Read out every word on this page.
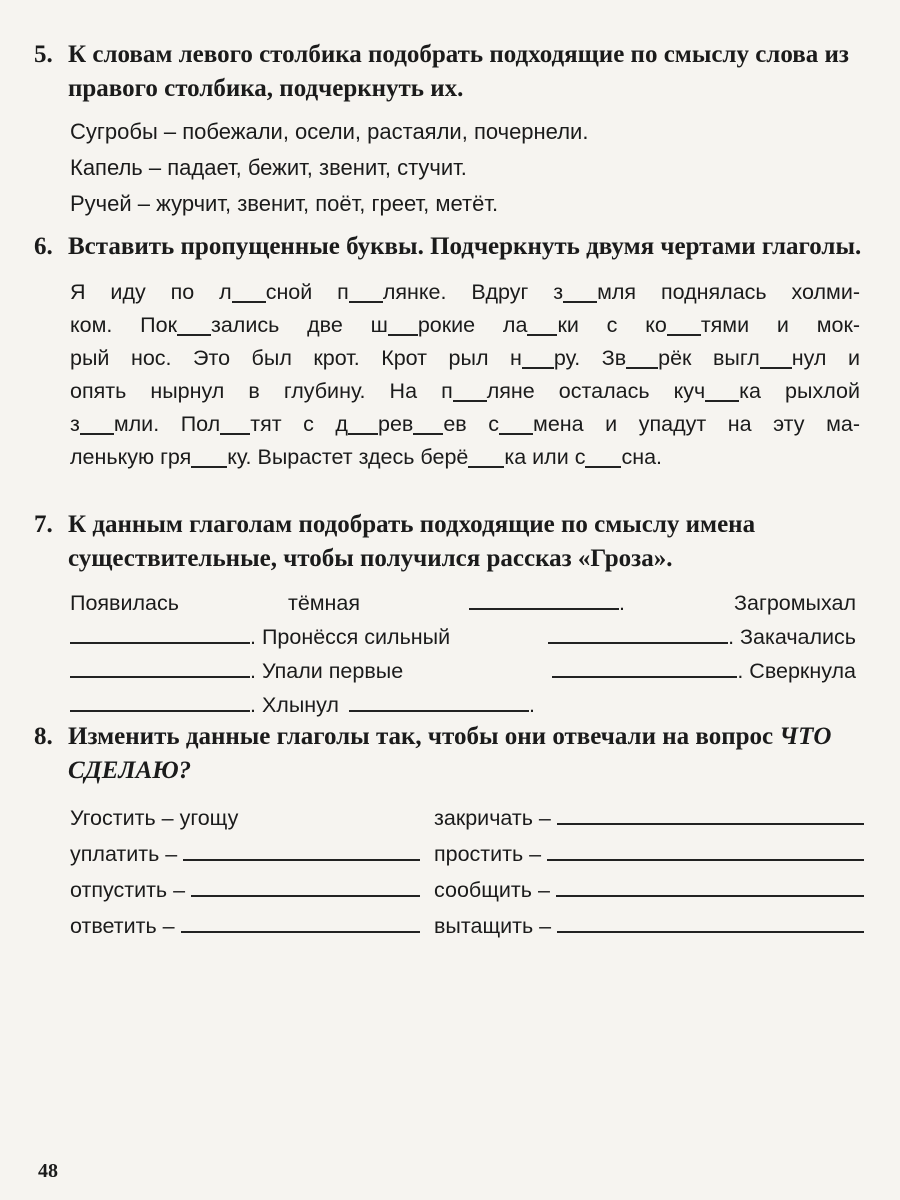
5. К словам левого столбика подобрать подходящие по смыслу слова из правого столбика, подчеркнуть их.
Сугробы – побежали, осели, растаяли, почернели.
Капель – падает, бежит, звенит, стучит.
Ручей – журчит, звенит, поёт, греет, метёт.
6. Вставить пропущенные буквы. Подчеркнуть двумя чертами глаголы.
Я иду по л сной п лянке. Вдруг з мля поднялась холми-
ком. Пок зались две ш рокие ла ки с ко тями и мок-
рый нос. Это был крот. Крот рыл н ру. Зв рёк выгл нул и
опять нырнул в глубину. На п ляне осталась куч ка рыхлой
з мли. Пол тят с д рев ев с мена и упадут на эту ма-
ленькую гря ку. Вырастет здесь берё ка или с сна.
7. К данным глаголам подобрать подходящие по смыслу имена существительные, чтобы получился рассказ «Гроза».
Появилась	тёмная	.	Загромыхал
. Пронёсся сильный	. Закачались
. Упали первые	. Сверкнула
. Хлынул	.
8. Изменить данные глаголы так, чтобы они отвечали на вопрос ЧТО СДЕЛАЮ?
Угостить – угощу	закричать –
уплатить –	простить –
отпустить –	сообщить –
ответить –	вытащить –
48
